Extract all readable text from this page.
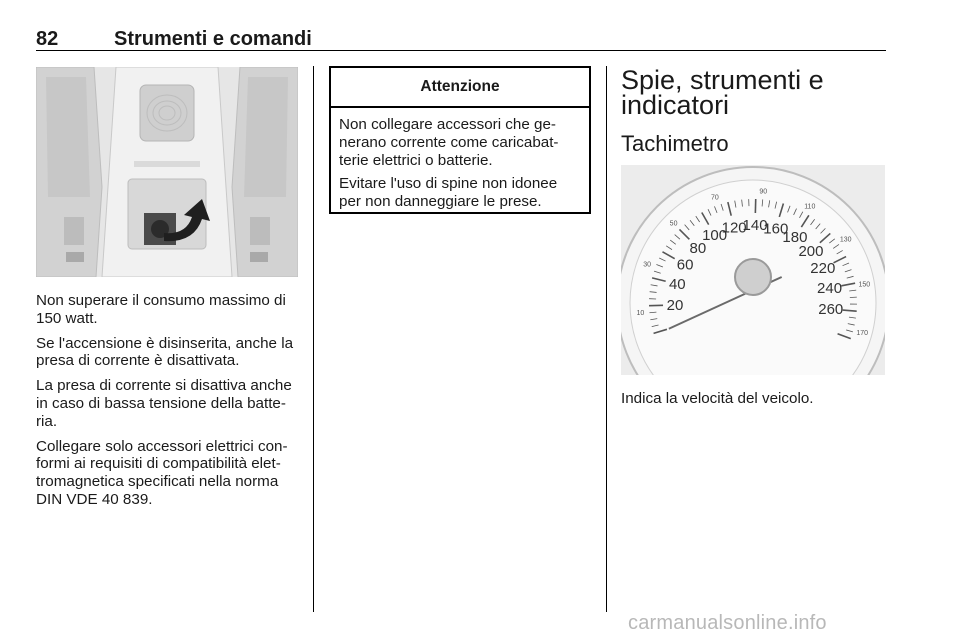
82	Strumenti e comandi

Non superare il consumo massimo di 150 watt.

Se l'accensione è disinserita, anche la presa di corrente è disattivata.

La presa di corrente si disattiva anche in caso di bassa tensione della batte-ria.

Collegare solo accessori elettrici con-formi ai requisiti di compatibilità elet-tromagnetica specificati nella norma DIN VDE 40 839.

Attenzione

Non collegare accessori che ge-nerano corrente come caricabat-terie elettrici o batterie.

Evitare l'uso di spine non idonee per non danneggiare le prese.

Spie, strumenti e indicatori
Tachimetro
20
40
60
80
100
120
140
160
180
200
220
240
260
10
30
50
70
90
110
130
150
170
Indica la velocità del veicolo.
carmanualsonline.info
